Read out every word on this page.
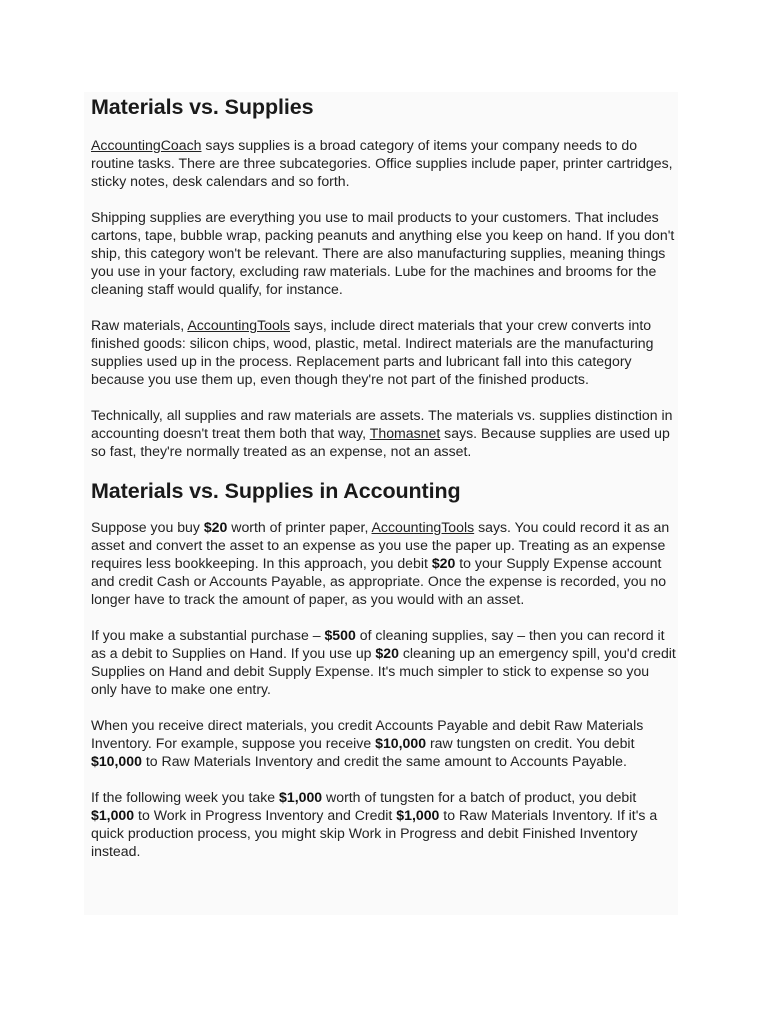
Materials vs. Supplies

AccountingCoach says supplies is a broad category of items your company needs to do routine tasks. There are three subcategories. Office supplies include paper, printer cartridges, sticky notes, desk calendars and so forth.

Shipping supplies are everything you use to mail products to your customers. That includes cartons, tape, bubble wrap, packing peanuts and anything else you keep on hand. If you don't ship, this category won't be relevant. There are also manufacturing supplies, meaning things you use in your factory, excluding raw materials. Lube for the machines and brooms for the cleaning staff would qualify, for instance.

Raw materials, AccountingTools says, include direct materials that your crew converts into finished goods: silicon chips, wood, plastic, metal. Indirect materials are the manufacturing supplies used up in the process. Replacement parts and lubricant fall into this category because you use them up, even though they're not part of the finished products.

Technically, all supplies and raw materials are assets. The materials vs. supplies distinction in accounting doesn't treat them both that way, Thomasnet says. Because supplies are used up so fast, they're normally treated as an expense, not an asset.

Materials vs. Supplies in Accounting

Suppose you buy $20 worth of printer paper, AccountingTools says. You could record it as an asset and convert the asset to an expense as you use the paper up. Treating as an expense requires less bookkeeping. In this approach, you debit $20 to your Supply Expense account and credit Cash or Accounts Payable, as appropriate. Once the expense is recorded, you no longer have to track the amount of paper, as you would with an asset.

If you make a substantial purchase – $500 of cleaning supplies, say – then you can record it as a debit to Supplies on Hand. If you use up $20 cleaning up an emergency spill, you'd credit Supplies on Hand and debit Supply Expense. It's much simpler to stick to expense so you only have to make one entry.

When you receive direct materials, you credit Accounts Payable and debit Raw Materials Inventory. For example, suppose you receive $10,000 raw tungsten on credit. You debit $10,000 to Raw Materials Inventory and credit the same amount to Accounts Payable.

If the following week you take $1,000 worth of tungsten for a batch of product, you debit $1,000 to Work in Progress Inventory and Credit $1,000 to Raw Materials Inventory. If it's a quick production process, you might skip Work in Progress and debit Finished Inventory instead.
